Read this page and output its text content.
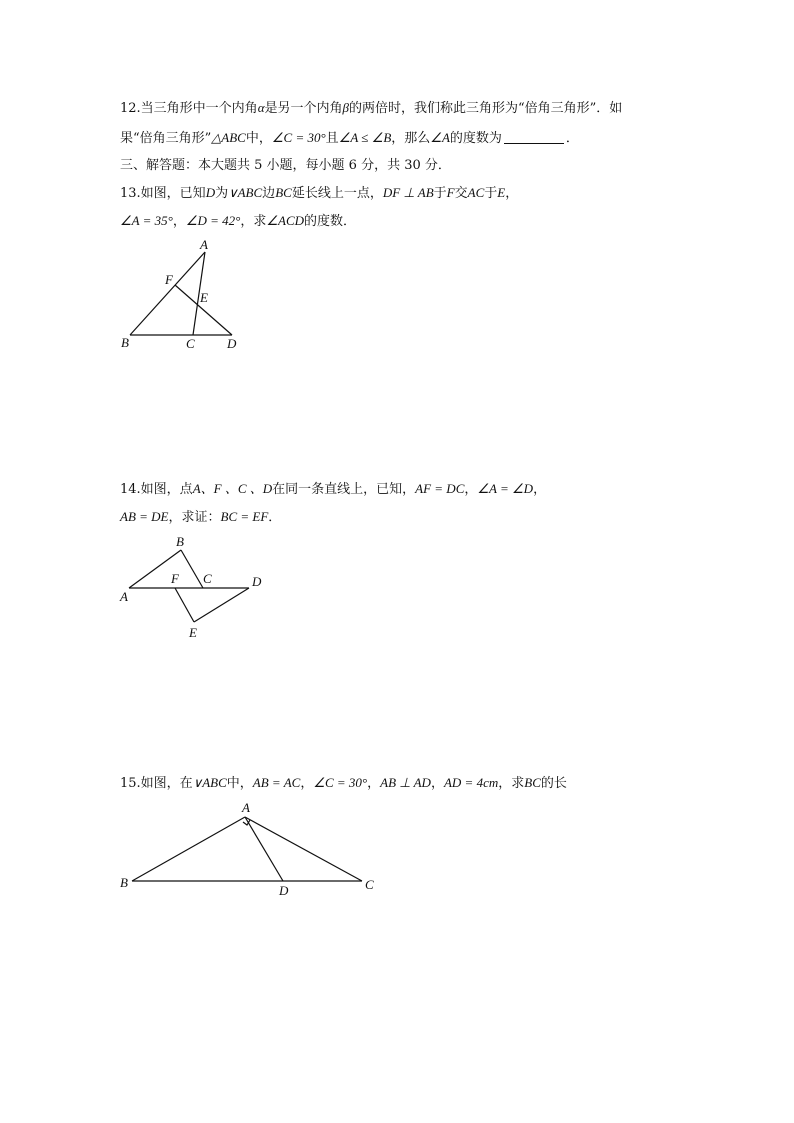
12.当三角形中一个内角α是另一个内角β的两倍时，我们称此三角形为“倍角三角形”．如
果“倍角三角形”△ABC中，∠C = 30°且∠A ≤ ∠B，那么∠A的度数为	．
三、解答题：本大题共 5 小题，每小题 6 分，共 30 分．
13.如图，已知D为∨ABC边BC延长线上一点，DF ⊥ AB于F交AC于E，
∠A = 35°，∠D = 42°，求∠ACD的度数．
A
F
E
B	C D
14.如图，点A、F 、C 、D在同一条直线上，已知，AF = DC，∠A = ∠D，
AB = DE，求证：BC = EF．
B
F C	D
A
E
15.如图，在∨ABC中，AB = AC，∠C = 30°，AB ⊥ AD，AD = 4cm，求BC的长
A
B
D	C
